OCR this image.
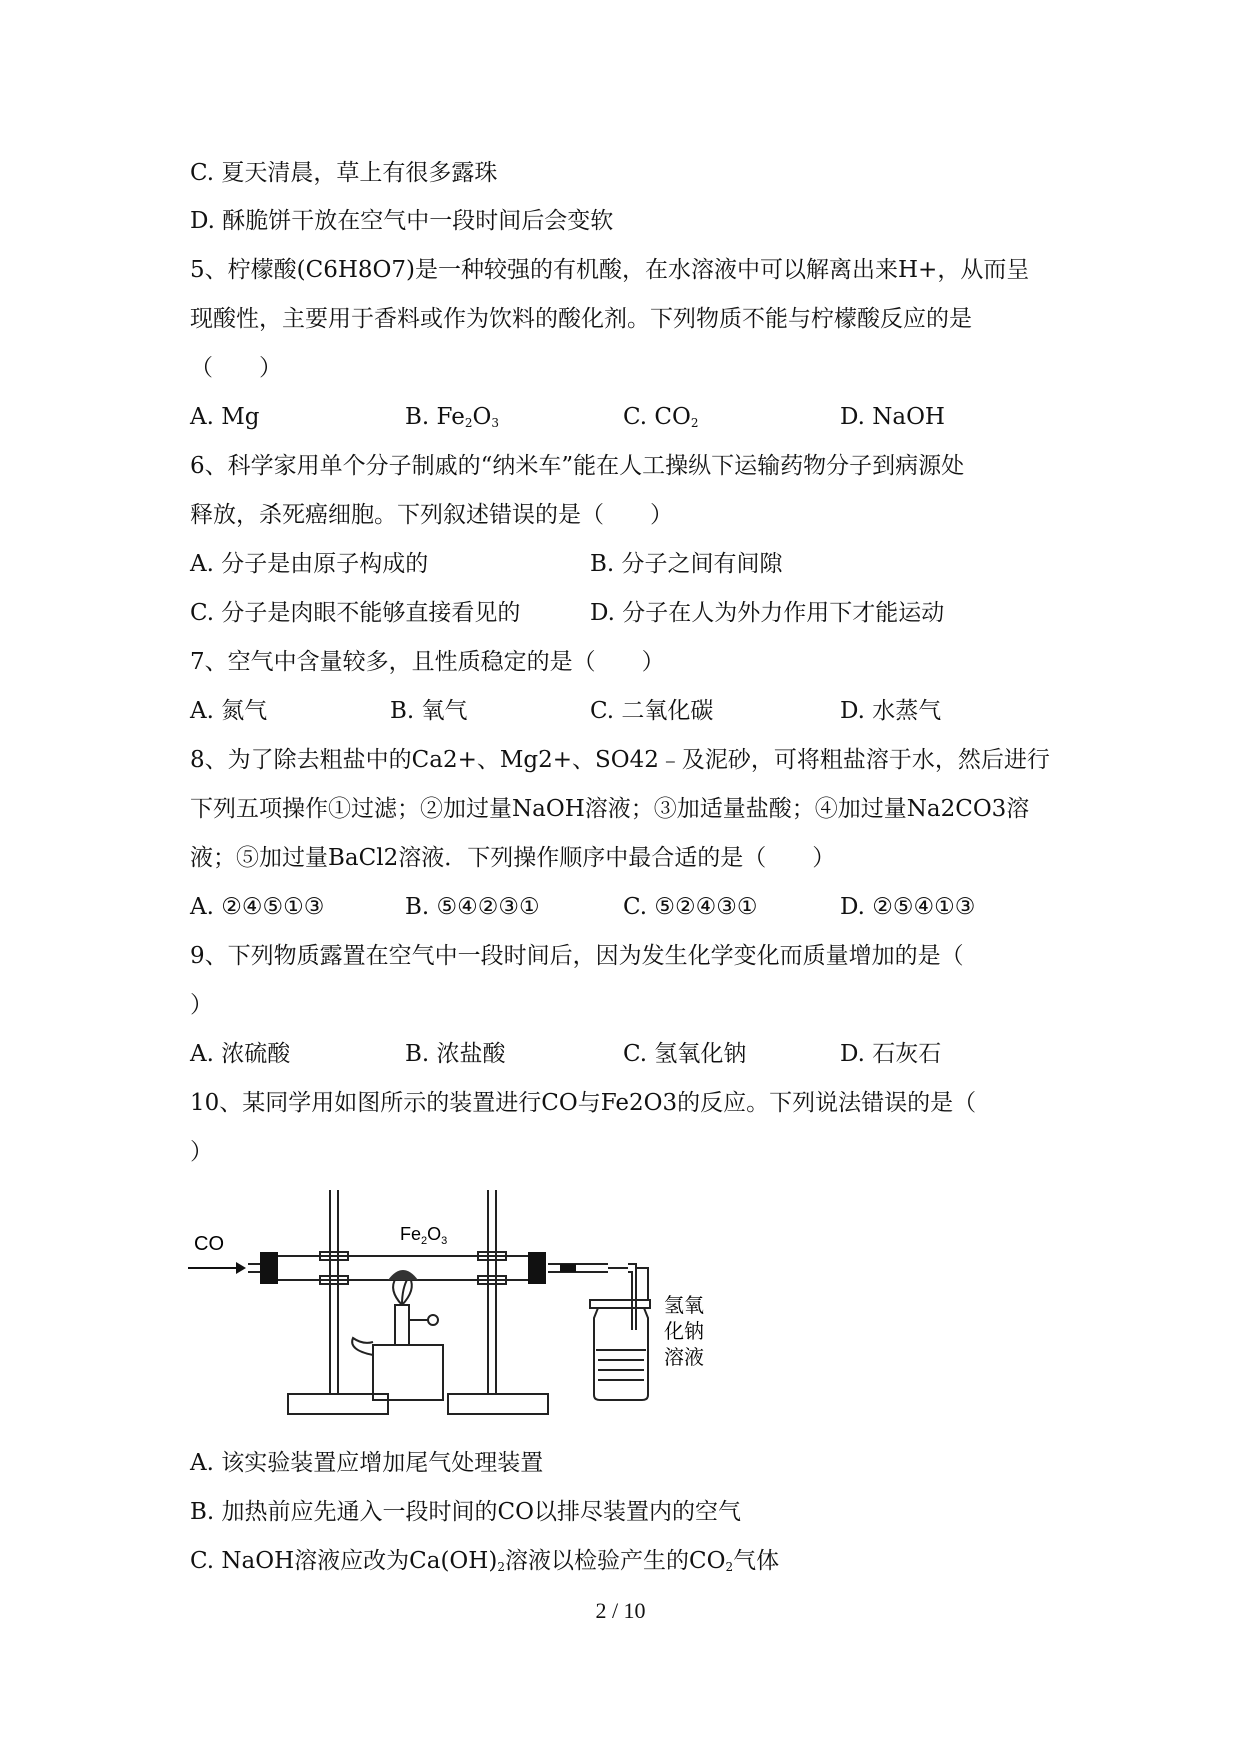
C. 夏天清晨，草上有很多露珠
D. 酥脆饼干放在空气中一段时间后会变软
5、柠檬酸(C6H8O7)是一种较强的有机酸，在水溶液中可以解离出来H+，从而呈
现酸性，主要用于香料或作为饮料的酸化剂。下列物质不能与柠檬酸反应的是
（　　）
A. Mg	B. $Fe_2O_3$	C. $CO_2$	D. NaOH
6、科学家用单个分子制戚的“纳米车”能在人工操纵下运输药物分子到病源处
释放，杀死癌细胞。下列叙述错误的是（　　）
A. 分子是由原子构成的	B. 分子之间有间隙
C. 分子是肉眼不能够直接看见的	D. 分子在人为外力作用下才能运动
7、空气中含量较多，且性质稳定的是（　　）
A. 氮气	B. 氧气	C. 二氧化碳	D. 水蒸气
8、为了除去粗盐中的Ca2+、Mg2+、SO42﹣及泥砂，可将粗盐溶于水，然后进行
下列五项操作①过滤；②加过量NaOH溶液；③加适量盐酸；④加过量Na2CO3溶
液；⑤加过量BaCl2溶液．下列操作顺序中最合适的是（　　）
A. ②④⑤①③	B. ⑤④②③①	C. ⑤②④③①	D. ②⑤④①③
9、下列物质露置在空气中一段时间后，因为发生化学变化而质量增加的是（
）
A. 浓硫酸	B. 浓盐酸	C. 氢氧化钠	D. 石灰石
10、某同学用如图所示的装置进行CO与Fe2O3的反应。下列说法错误的是（
）
CO	$Fe_2O_3$
氢氧
化钠
溶液
A. 该实验装置应增加尾气处理装置
B. 加热前应先通入一段时间的CO以排尽装置内的空气
C. NaOH溶液应改为$Ca(OH)_2$溶液以检验产生的$CO_2$气体
2 / 10
